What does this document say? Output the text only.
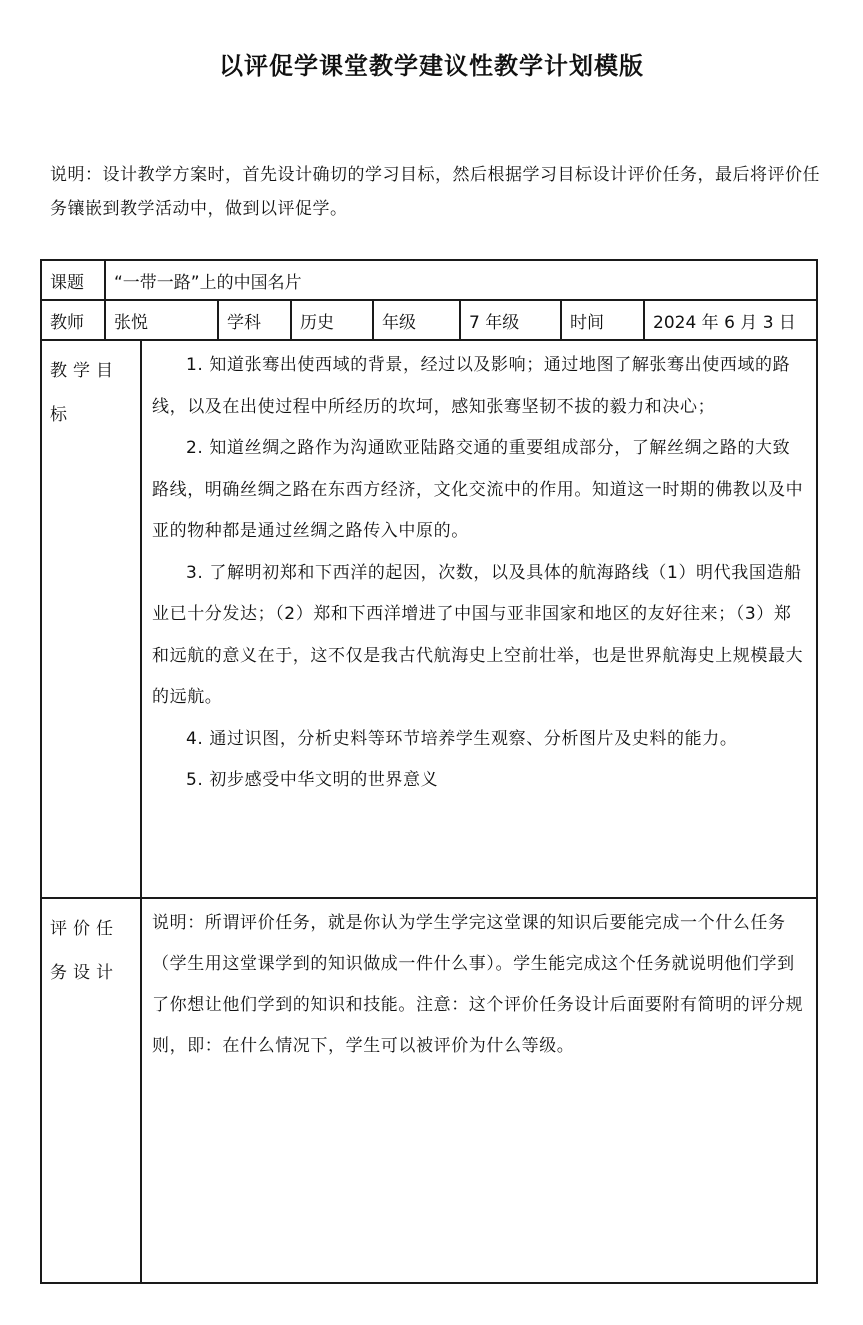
以评促学课堂教学建议性教学计划模版
说明：设计教学方案时，首先设计确切的学习目标，然后根据学习目标设计评价任务，最后将评价任务镶嵌到教学活动中，做到以评促学。
课题	“一带一路”上的中国名片							
教师	张悦		学科	历史	年级	7 年级	时间	2024 年 6 月 3 日
教学目标		1. 知道张骞出使西域的背景，经过以及影响；通过地图了解张骞出使西域的路线，以及在出使过程中所经历的坎坷，感知张骞坚韧不拔的毅力和决心；

2. 知道丝绸之路作为沟通欧亚陆路交通的重要组成部分，了解丝绸之路的大致路线，明确丝绸之路在东西方经济，文化交流中的作用。知道这一时期的佛教以及中亚的物种都是通过丝绸之路传入中原的。

3. 了解明初郑和下西洋的起因，次数，以及具体的航海路线（1）明代我国造船业已十分发达；（2）郑和下西洋增进了中国与亚非国家和地区的友好往来；（3）郑和远航的意义在于，这不仅是我古代航海史上空前壮举，也是世界航海史上规模最大的远航。

4. 通过识图，分析史料等环节培养学生观察、分析图片及史料的能力。

5. 初步感受中华文明的世界意义						

评价任务设计		说明：所谓评价任务，就是你认为学生学完这堂课的知识后要能完成一个什么任务（学生用这堂课学到的知识做成一件什么事）。学生能完成这个任务就说明他们学到了你想让他们学到的知识和技能。注意：这个评价任务设计后面要附有简明的评分规则，即：在什么情况下，学生可以被评价为什么等级。						
